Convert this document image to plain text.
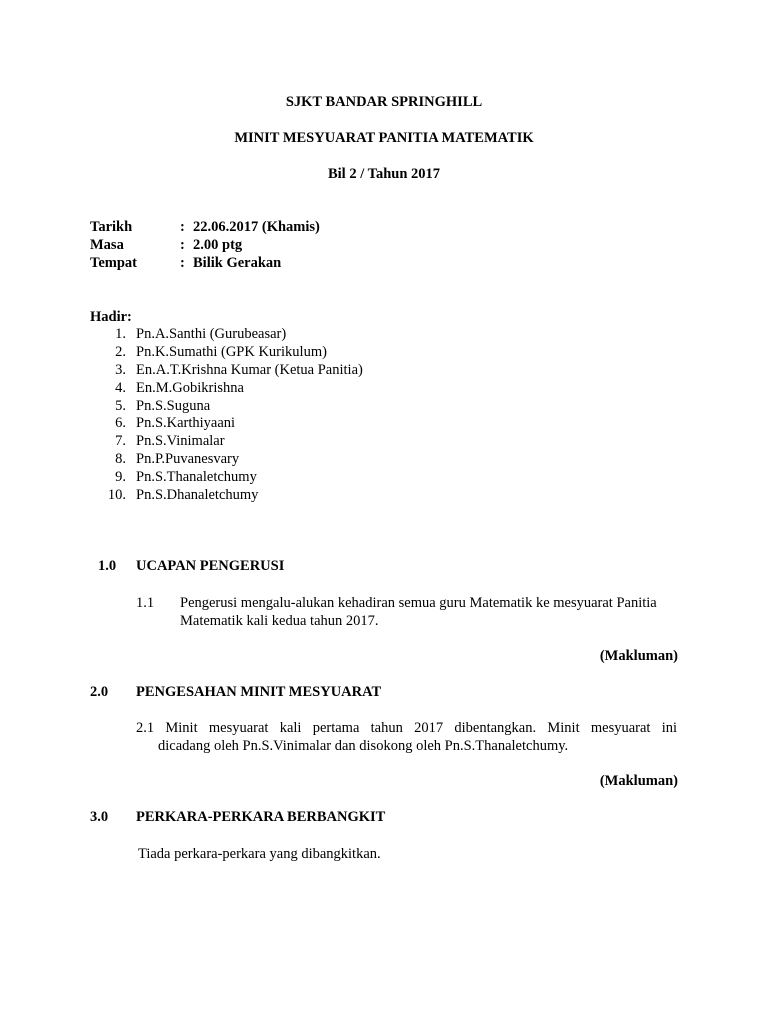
SJKT BANDAR SPRINGHILL
MINIT MESYUARAT PANITIA MATEMATIK
Bil 2 / Tahun 2017
Tarikh	: 22.06.2017 (Khamis)
Masa	: 2.00 ptg
Tempat	: Bilik Gerakan
Hadir:
1. Pn.A.Santhi (Gurubeasar)
2. Pn.K.Sumathi (GPK Kurikulum)
3. En.A.T.Krishna Kumar (Ketua Panitia)
4. En.M.Gobikrishna
5. Pn.S.Suguna
6. Pn.S.Karthiyaani
7. Pn.S.Vinimalar
8. Pn.P.Puvanesvary
9. Pn.S.Thanaletchumy
10. Pn.S.Dhanaletchumy
1.0 UCAPAN PENGERUSI
1.1 Pengerusi mengalu-alukan kehadiran semua guru Matematik ke mesyuarat Panitia
Matematik kali kedua tahun 2017.
(Makluman)
2.0 PENGESAHAN MINIT MESYUARAT
2.1 Minit mesyuarat kali pertama tahun 2017 dibentangkan. Minit mesyuarat ini
dicadang oleh Pn.S.Vinimalar dan disokong oleh Pn.S.Thanaletchumy.
(Makluman)
3.0 PERKARA-PERKARA BERBANGKIT
Tiada perkara-perkara yang dibangkitkan.
